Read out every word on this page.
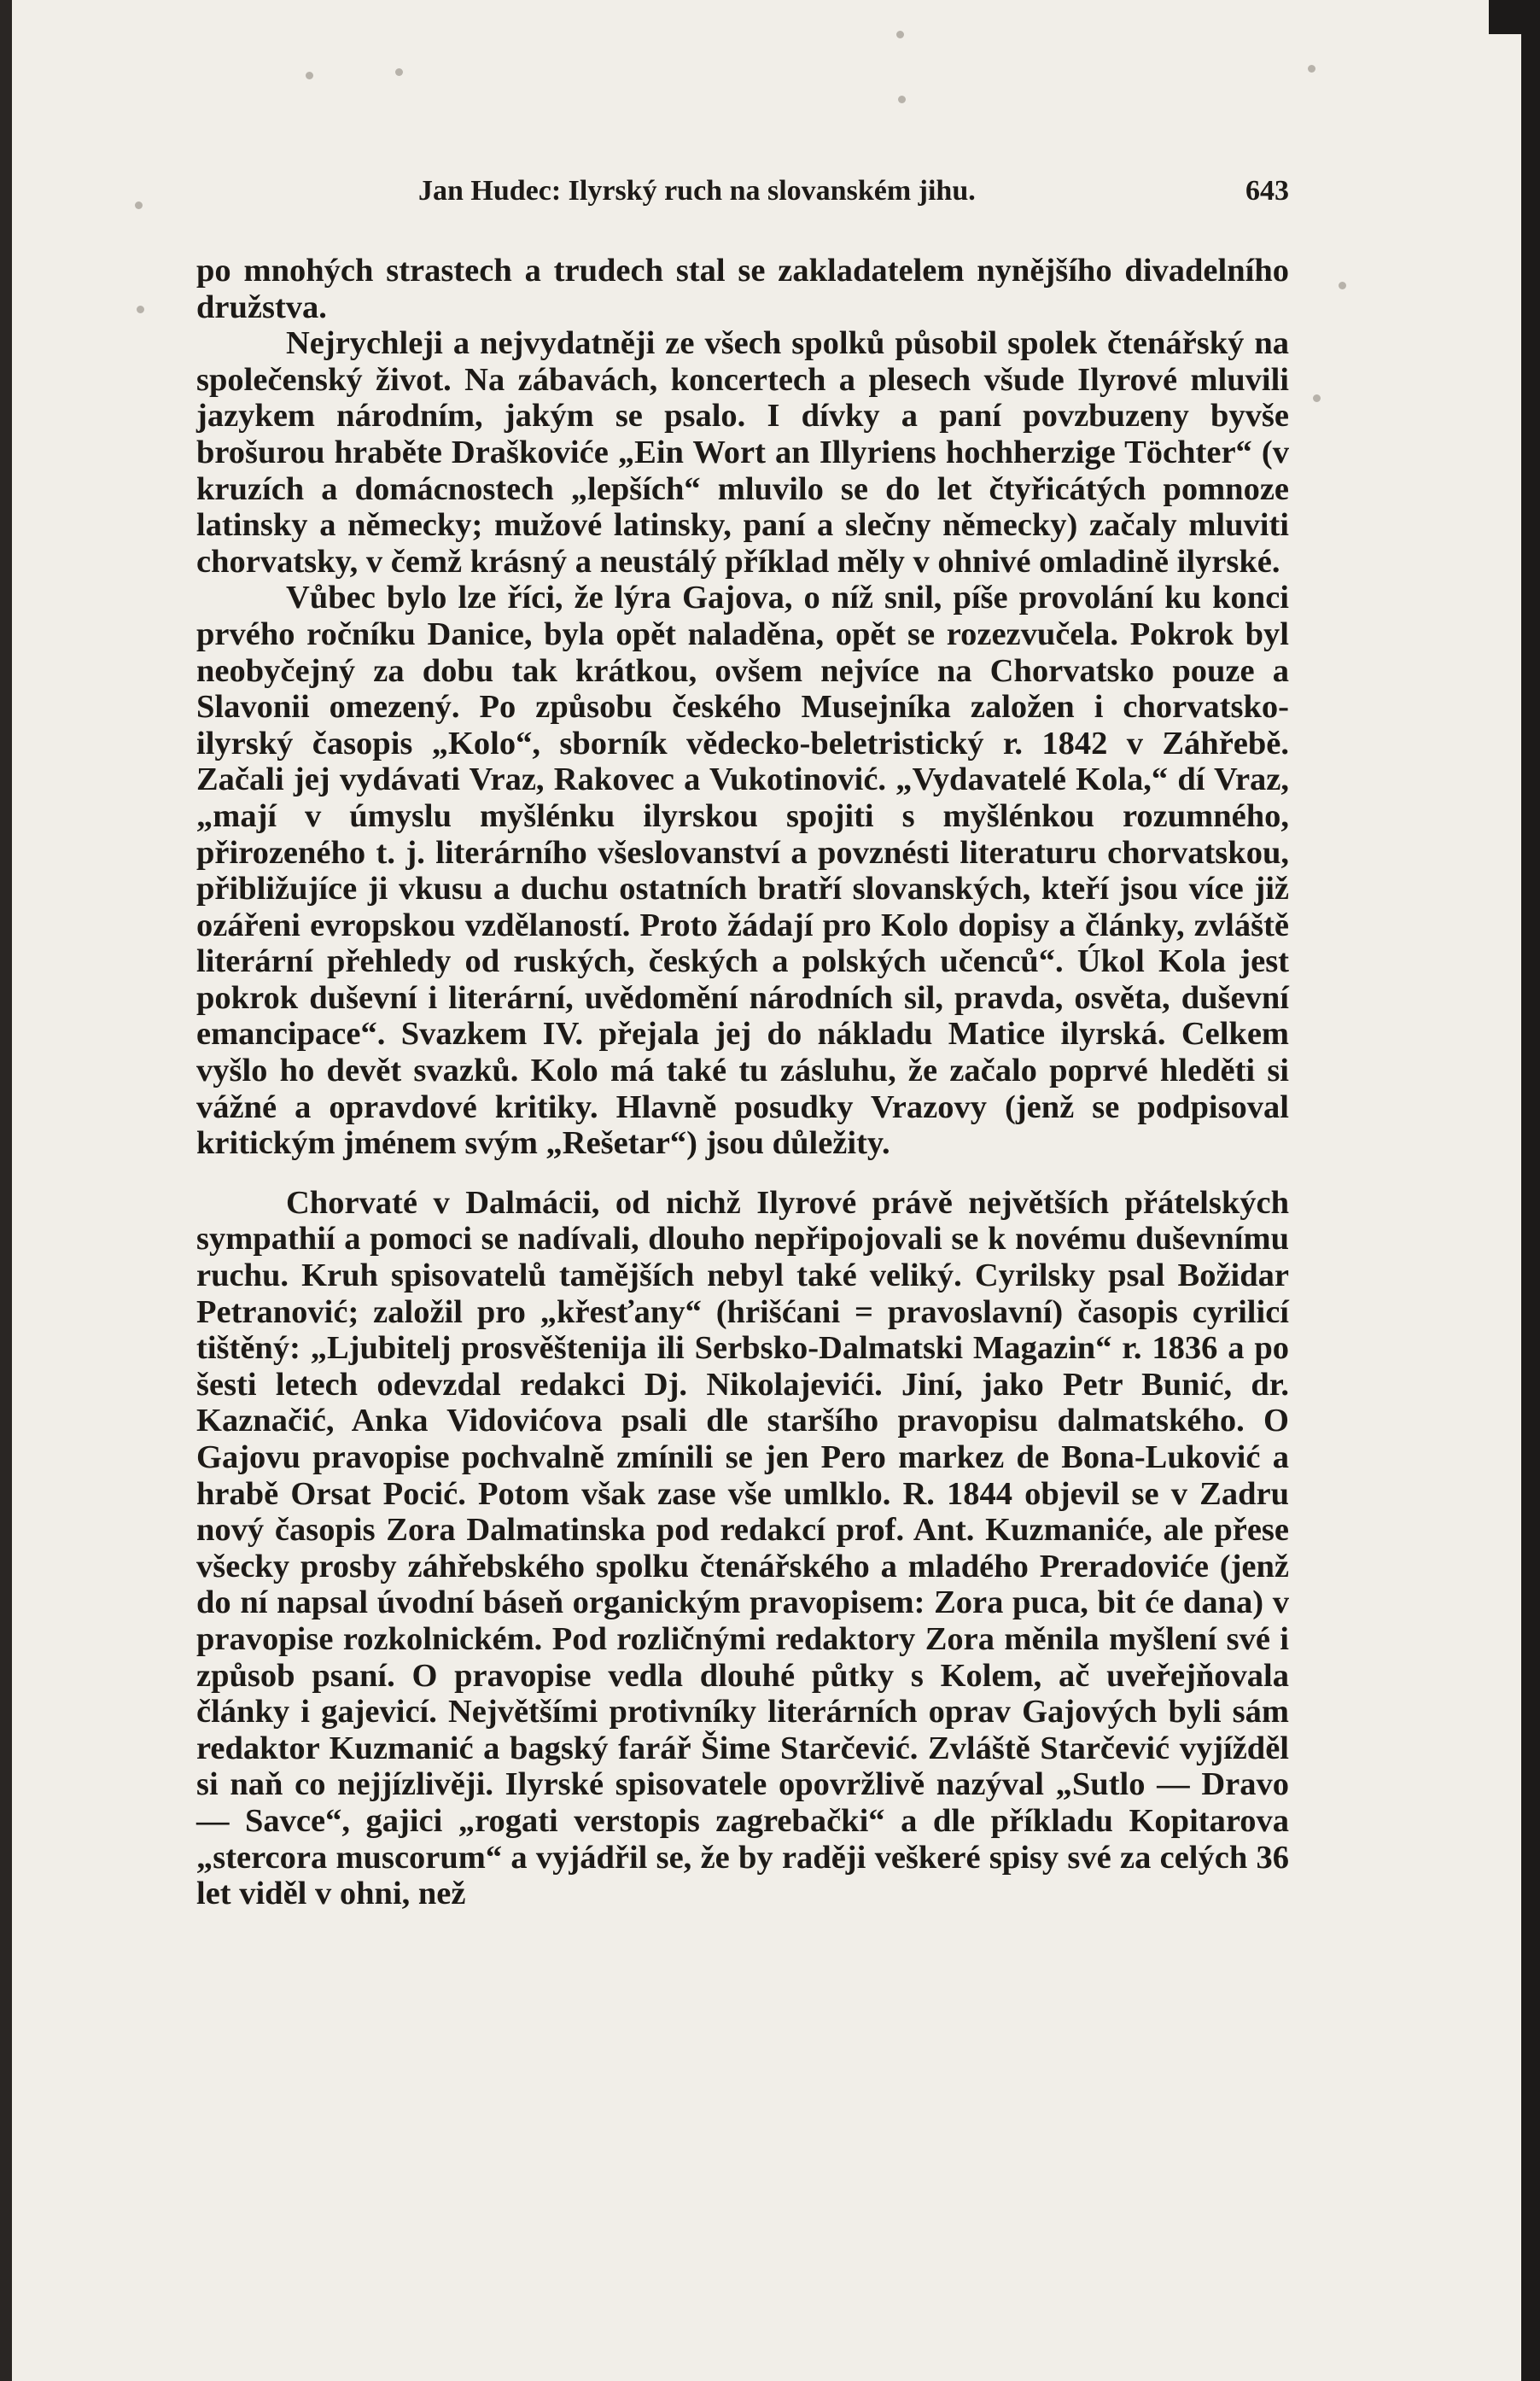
Jan Hudec: Ilyrský ruch na slovanském jihu.	643

po mnohých strastech a trudech stal se zakladatelem nynějšího divadelního družstva.

Nejrychleji a nejvydatněji ze všech spolků působil spolek čtenářský na společenský život. Na zábavách, koncertech a plesech všude Ilyrové mluvili jazykem národním, jakým se psalo. I dívky a paní povzbuzeny byvše brošurou hraběte Draškoviće „Ein Wort an Illyriens hochherzige Töchter“ (v kruzích a domácnostech „lepších“ mluvilo se do let čtyřicátých pomnoze latinsky a německy; mužové latinsky, paní a slečny německy) začaly mluviti chorvatsky, v čemž krásný a neustálý příklad měly v ohnivé omladině ilyrské.

Vůbec bylo lze říci, že lýra Gajova, o níž snil, píše provolání ku konci prvého ročníku Danice, byla opět naladěna, opět se rozezvučela. Pokrok byl neobyčejný za dobu tak krátkou, ovšem nejvíce na Chorvatsko pouze a Slavonii omezený. Po způsobu českého Musejníka založen i chorvatsko-ilyrský časopis „Kolo“, sborník vědecko-beletristický r. 1842 v Záhřebě. Začali jej vydávati Vraz, Rakovec a Vukotinović. „Vydavatelé Kola,“ dí Vraz, „mají v úmyslu myšlénku ilyrskou spojiti s myšlénkou rozumného, přirozeného t. j. literárního všeslovanství a povznésti literaturu chorvatskou, přibližujíce ji vkusu a duchu ostatních bratří slovanských, kteří jsou více již ozářeni evropskou vzdělaností. Proto žádají pro Kolo dopisy a články, zvláště literární přehledy od ruských, českých a polských učenců“. Úkol Kola jest pokrok duševní i literární, uvědomění národních sil, pravda, osvěta, duševní emancipace“. Svazkem IV. přejala jej do nákladu Matice ilyrská. Celkem vyšlo ho devět svazků. Kolo má také tu zásluhu, že začalo poprvé hleděti si vážné a opravdové kritiky. Hlavně posudky Vrazovy (jenž se podpisoval kritickým jménem svým „Rešetar“) jsou důležity.

Chorvaté v Dalmácii, od nichž Ilyrové právě největších přátelských sympathií a pomoci se nadívali, dlouho nepřipojovali se k novému duševnímu ruchu. Kruh spisovatelů tamějších nebyl také veliký. Cyrilsky psal Božidar Petranović; založil pro „křesťany“ (hrišćani = pravoslavní) časopis cyrilicí tištěný: „Ljubitelj prosvěštenija ili Serbsko-Dalmatski Magazin“ r. 1836 a po šesti letech odevzdal redakci Dj. Nikolajevići. Jiní, jako Petr Bunić, dr. Kaznačić, Anka Vidovićova psali dle staršího pravopisu dalmatského. O Gajovu pravopise pochvalně zmínili se jen Pero markez de Bona-Luković a hrabě Orsat Pocić. Potom však zase vše umlklo. R. 1844 objevil se v Zadru nový časopis Zora Dalmatinska pod redakcí prof. Ant. Kuzmaniće, ale přese všecky prosby záhřebského spolku čtenářského a mladého Preradoviće (jenž do ní napsal úvodní báseň organickým pravopisem: Zora puca, bit će dana) v pravopise rozkolnickém. Pod rozličnými redaktory Zora měnila myšlení své i způsob psaní. O pravopise vedla dlouhé půtky s Kolem, ač uveřejňovala články i gajevicí. Největšími protivníky literárních oprav Gajových byli sám redaktor Kuzmanić a bagský farář Šime Starčević. Zvláště Starčević vyjížděl si naň co nejjízlivěji. Ilyrské spisovatele opovržlivě nazýval „Sutlo — Dravo — Savce“, gajici „rogati verstopis zagrebački“ a dle příkladu Kopitarova „stercora muscorum“ a vyjádřil se, že by raději veškeré spisy své za celých 36 let viděl v ohni, než
